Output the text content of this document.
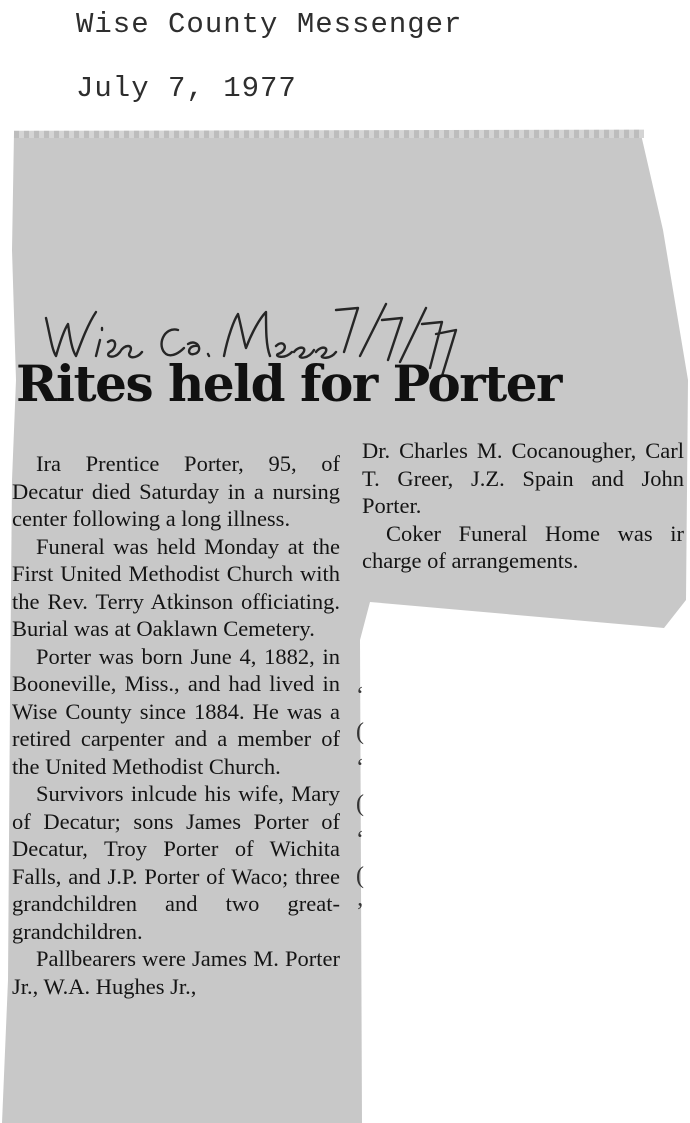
Wise County Messenger
July 7, 1977
Rites held for Porter

Ira Prentice Porter, 95, of Decatur died Saturday in a nursing center following a long illness.

Funeral was held Monday at the First United Methodist Church with the Rev. Terry Atkinson officiating. Burial was at Oaklawn Cemetery.

Porter was born June 4, 1882, in Booneville, Miss., and had lived in Wise County since 1884. He was a retired carpenter and a member of the United Methodist Church.

Survivors inlcude his wife, Mary of Decatur; sons James Porter of Decatur, Troy Porter of Wichita Falls, and J.P. Porter of Waco; three grandchildren and two great-grandchildren.

Pallbearers were James M. Porter Jr., W.A. Hughes Jr.,

Dr. Charles M. Cocanougher, Carl T. Greer, J.Z. Spain and John Porter.

Coker Funeral Home was ir charge of arrangements.

‘
(
‘
(
‘
(
’
